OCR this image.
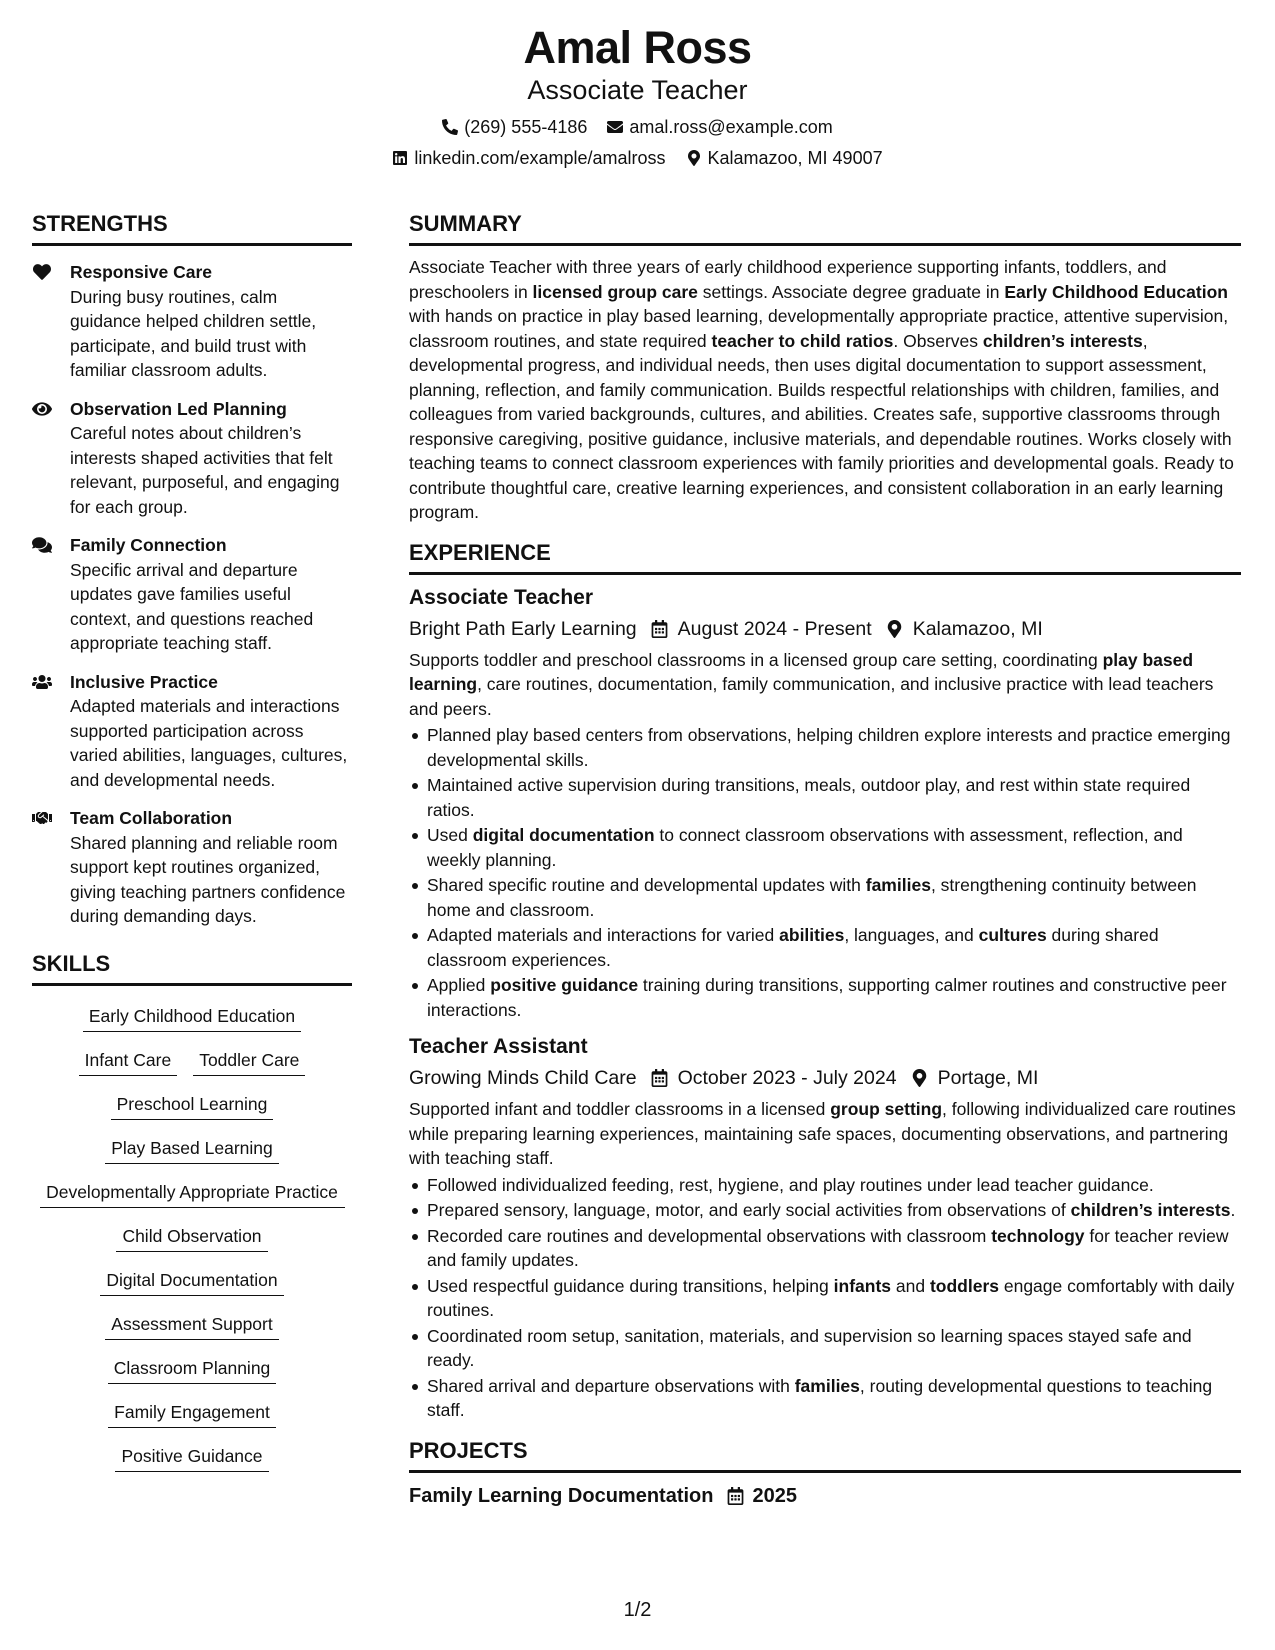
Amal Ross
Associate Teacher
(269) 555-4186 amal.ross@example.com
linkedin.com/example/amalross Kalamazoo, MI 49007
STRENGTHS
Responsive Care
During busy routines, calm guidance helped children settle, participate, and build trust with familiar classroom adults.
Observation Led Planning
Careful notes about children’s interests shaped activities that felt relevant, purposeful, and engaging for each group.
Family Connection
Specific arrival and departure updates gave families useful context, and questions reached appropriate teaching staff.
Inclusive Practice
Adapted materials and interactions supported participation across varied abilities, languages, cultures, and developmental needs.
Team Collaboration
Shared planning and reliable room support kept routines organized, giving teaching partners confidence during demanding days.
SKILLS
Early Childhood Education
Infant Care	Toddler Care
Preschool Learning
Play Based Learning
Developmentally Appropriate Practice
Child Observation
Digital Documentation
Assessment Support
Classroom Planning
Family Engagement
Positive Guidance
SUMMARY
Associate Teacher with three years of early childhood experience supporting infants, toddlers, and preschoolers in licensed group care settings. Associate degree graduate in Early Childhood Education with hands on practice in play based learning, developmentally appropriate practice, attentive supervision, classroom routines, and state required teacher to child ratios. Observes children’s interests, developmental progress, and individual needs, then uses digital documentation to support assessment, planning, reflection, and family communication. Builds respectful relationships with children, families, and colleagues from varied backgrounds, cultures, and abilities. Creates safe, supportive classrooms through responsive caregiving, positive guidance, inclusive materials, and dependable routines. Works closely with teaching teams to connect classroom experiences with family priorities and developmental goals. Ready to contribute thoughtful care, creative learning experiences, and consistent collaboration in an early learning program.
EXPERIENCE
Associate Teacher
Bright Path Early Learning August 2024 - Present Kalamazoo, MI
Supports toddler and preschool classrooms in a licensed group care setting, coordinating play based learning, care routines, documentation, family communication, and inclusive practice with lead teachers and peers.
Planned play based centers from observations, helping children explore interests and practice emerging developmental skills.
Maintained active supervision during transitions, meals, outdoor play, and rest within state required ratios.
Used digital documentation to connect classroom observations with assessment, reflection, and weekly planning.
Shared specific routine and developmental updates with families, strengthening continuity between home and classroom.
Adapted materials and interactions for varied abilities, languages, and cultures during shared classroom experiences.
Applied positive guidance training during transitions, supporting calmer routines and constructive peer interactions.
Teacher Assistant
Growing Minds Child Care October 2023 - July 2024 Portage, MI
Supported infant and toddler classrooms in a licensed group setting, following individualized care routines while preparing learning experiences, maintaining safe spaces, documenting observations, and partnering with teaching staff.
Followed individualized feeding, rest, hygiene, and play routines under lead teacher guidance.
Prepared sensory, language, motor, and early social activities from observations of children’s interests.
Recorded care routines and developmental observations with classroom technology for teacher review and family updates.
Used respectful guidance during transitions, helping infants and toddlers engage comfortably with daily routines.
Coordinated room setup, sanitation, materials, and supervision so learning spaces stayed safe and ready.
Shared arrival and departure observations with families, routing developmental questions to teaching staff.
PROJECTS
Family Learning Documentation 2025
1/2
